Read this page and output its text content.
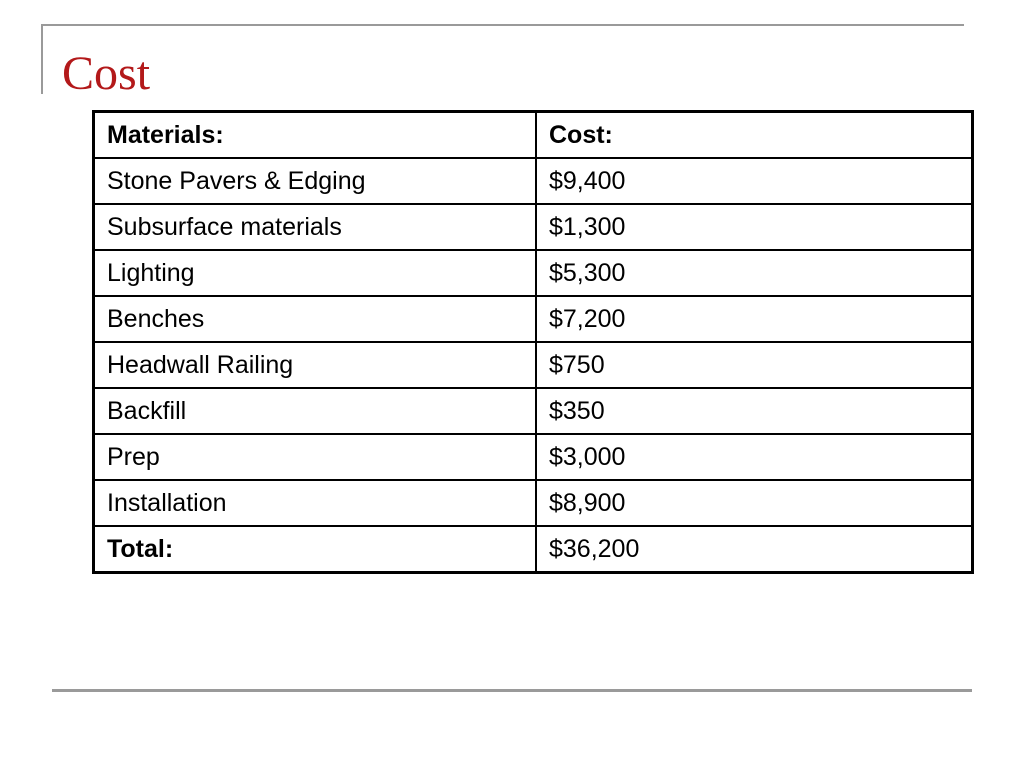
Cost
Materials:	Cost:
Stone Pavers & Edging	$9,400
Subsurface materials	$1,300
Lighting	$5,300
Benches	$7,200
Headwall Railing	$750
Backfill	$350
Prep	$3,000
Installation	$8,900
Total:	$36,200
